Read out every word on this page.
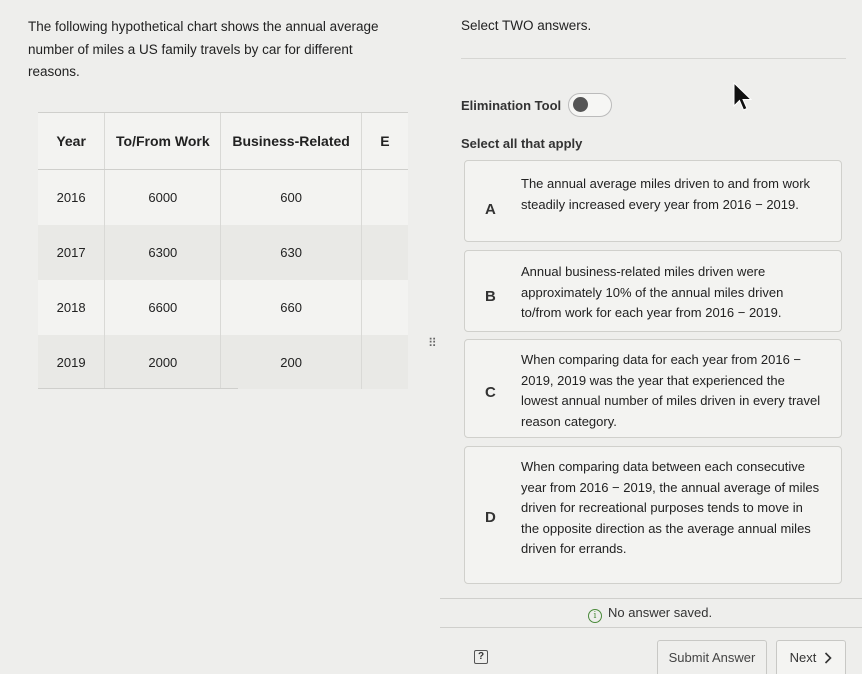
The following hypothetical chart shows the annual average number of miles a US family travels by car for different reasons.
Year	To/From Work	Business-Related	E
2016	6000	600	
2017	6300	630	
2018	6600	660	
2019	2000	200	
⠿
Select TWO answers.
Elimination Tool
Select all that apply
A
The annual average miles driven to and from work steadily increased every year from 2016 − 2019.
B
Annual business-related miles driven were approximately 10% of the annual miles driven to/from work for each year from 2016 − 2019.
C
When comparing data for each year from 2016 − 2019, 2019 was the year that experienced the lowest annual number of miles driven in every travel reason category.
D
When comparing data between each consecutive year from 2016 − 2019, the annual average of miles driven for recreational purposes tends to move in the opposite direction as the average annual miles driven for errands.
i No answer saved.
?	Submit Answer	Next
